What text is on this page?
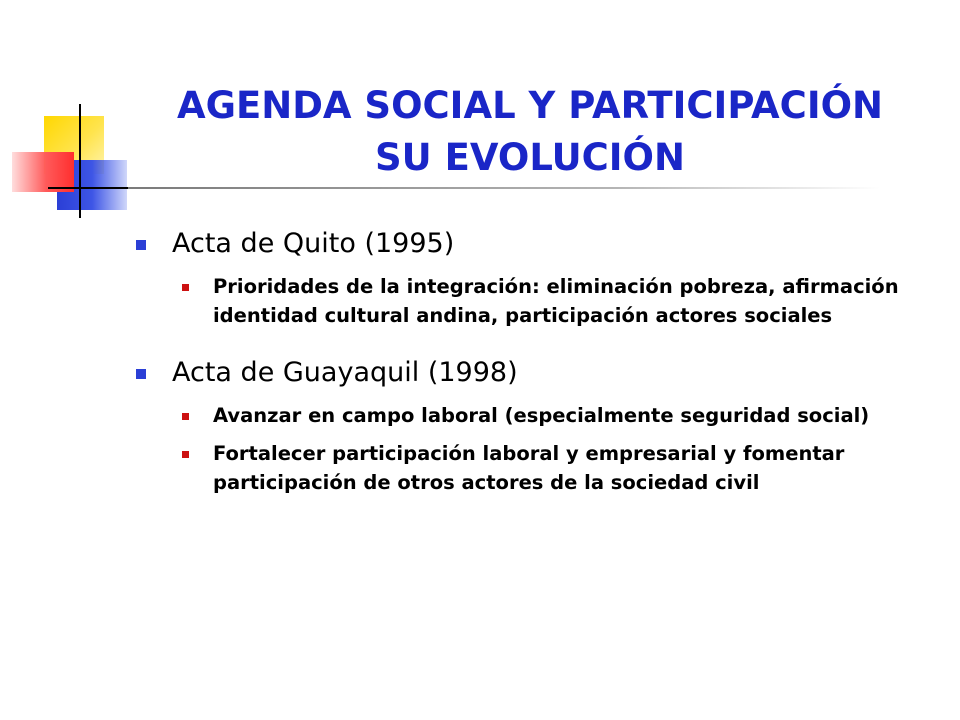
AGENDA SOCIAL Y PARTICIPACIÓN
SU EVOLUCIÓN
Acta de Quito (1995)
Prioridades de la integración: eliminación pobreza, afirmación identidad cultural andina, participación actores sociales
Acta de Guayaquil (1998)
Avanzar en campo laboral (especialmente seguridad social)
Fortalecer participación laboral y empresarial y fomentar participación de otros actores de la sociedad civil
